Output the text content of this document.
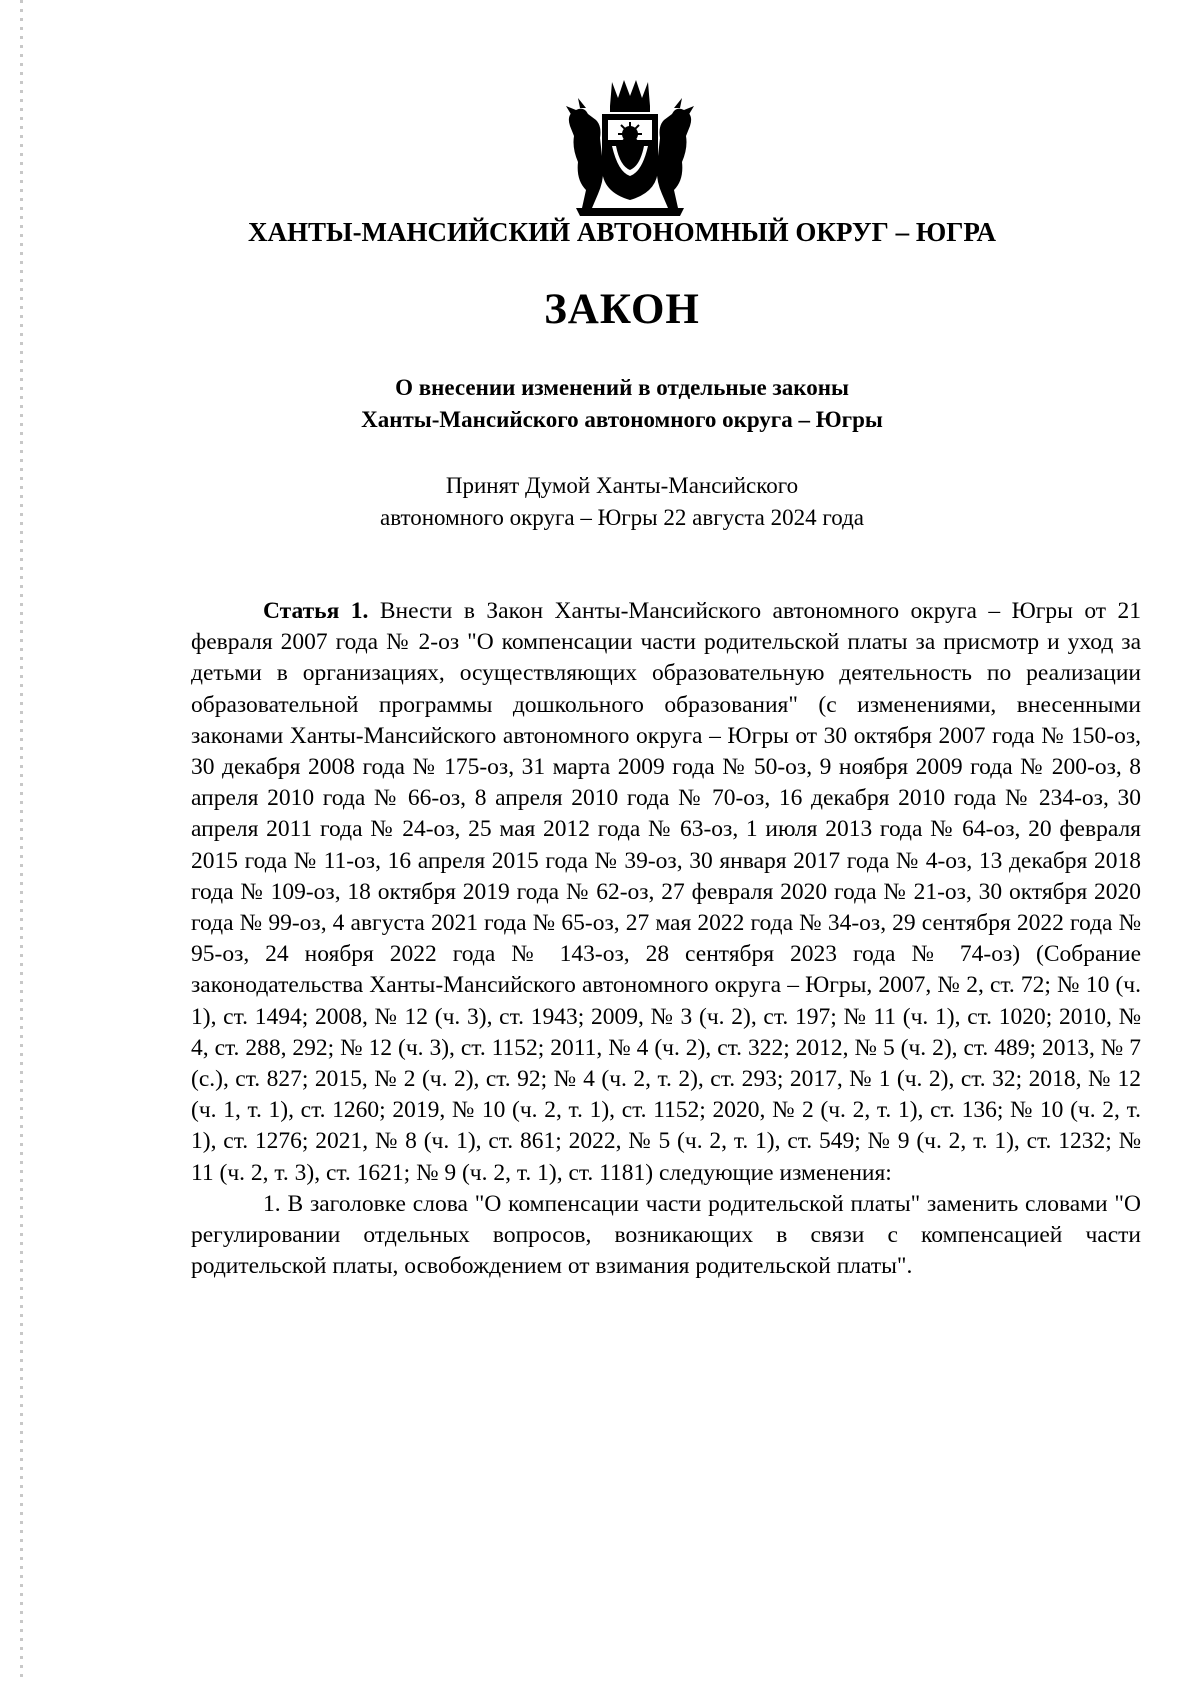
ХАНТЫ-МАНСИЙСКИЙ АВТОНОМНЫЙ ОКРУГ – ЮГРА
ЗАКОН
О внесении изменений в отдельные законы
Ханты-Мансийского автономного округа – Югры
Принят Думой Ханты-Мансийского
автономного округа – Югры 22 августа 2024 года

Статья 1. Внести в Закон Ханты-Мансийского автономного округа – Югры от 21 февраля 2007 года № 2-оз "О компенсации части родительской платы за присмотр и уход за детьми в организациях, осуществляющих образовательную деятельность по реализации образовательной программы дошкольного образования" (с изменениями, внесенными законами Ханты-Мансийского автономного округа – Югры от 30 октября 2007 года № 150-оз, 30 декабря 2008 года № 175-оз, 31 марта 2009 года № 50-оз, 9 ноября 2009 года № 200-оз, 8 апреля 2010 года № 66-оз, 8 апреля 2010 года № 70-оз, 16 декабря 2010 года № 234-оз, 30 апреля 2011 года № 24-оз, 25 мая 2012 года № 63-оз, 1 июля 2013 года № 64-оз, 20 февраля 2015 года № 11-оз, 16 апреля 2015 года № 39-оз, 30 января 2017 года № 4-оз, 13 декабря 2018 года № 109-оз, 18 октября 2019 года № 62-оз, 27 февраля 2020 года № 21-оз, 30 октября 2020 года № 99-оз, 4 августа 2021 года № 65-оз, 27 мая 2022 года № 34-оз, 29 сентября 2022 года № 95-оз, 24 ноября 2022 года № 143-оз, 28 сентября 2023 года № 74-оз) (Собрание законодательства Ханты-Мансийского автономного округа – Югры, 2007, № 2, ст. 72; № 10 (ч. 1), ст. 1494; 2008, № 12 (ч. 3), ст. 1943; 2009, № 3 (ч. 2), ст. 197; № 11 (ч. 1), ст. 1020; 2010, № 4, ст. 288, 292; № 12 (ч. 3), ст. 1152; 2011, № 4 (ч. 2), ст. 322; 2012, № 5 (ч. 2), ст. 489; 2013, № 7 (с.), ст. 827; 2015, № 2 (ч. 2), ст. 92; № 4 (ч. 2, т. 2), ст. 293; 2017, № 1 (ч. 2), ст. 32; 2018, № 12 (ч. 1, т. 1), ст. 1260; 2019, № 10 (ч. 2, т. 1), ст. 1152; 2020, № 2 (ч. 2, т. 1), ст. 136; № 10 (ч. 2, т. 1), ст. 1276; 2021, № 8 (ч. 1), ст. 861; 2022, № 5 (ч. 2, т. 1), ст. 549; № 9 (ч. 2, т. 1), ст. 1232; № 11 (ч. 2, т. 3), ст. 1621; № 9 (ч. 2, т. 1), ст. 1181) следующие изменения:

1. В заголовке слова "О компенсации части родительской платы" заменить словами "О регулировании отдельных вопросов, возникающих в связи с компенсацией части родительской платы, освобождением от взимания родительской платы".
